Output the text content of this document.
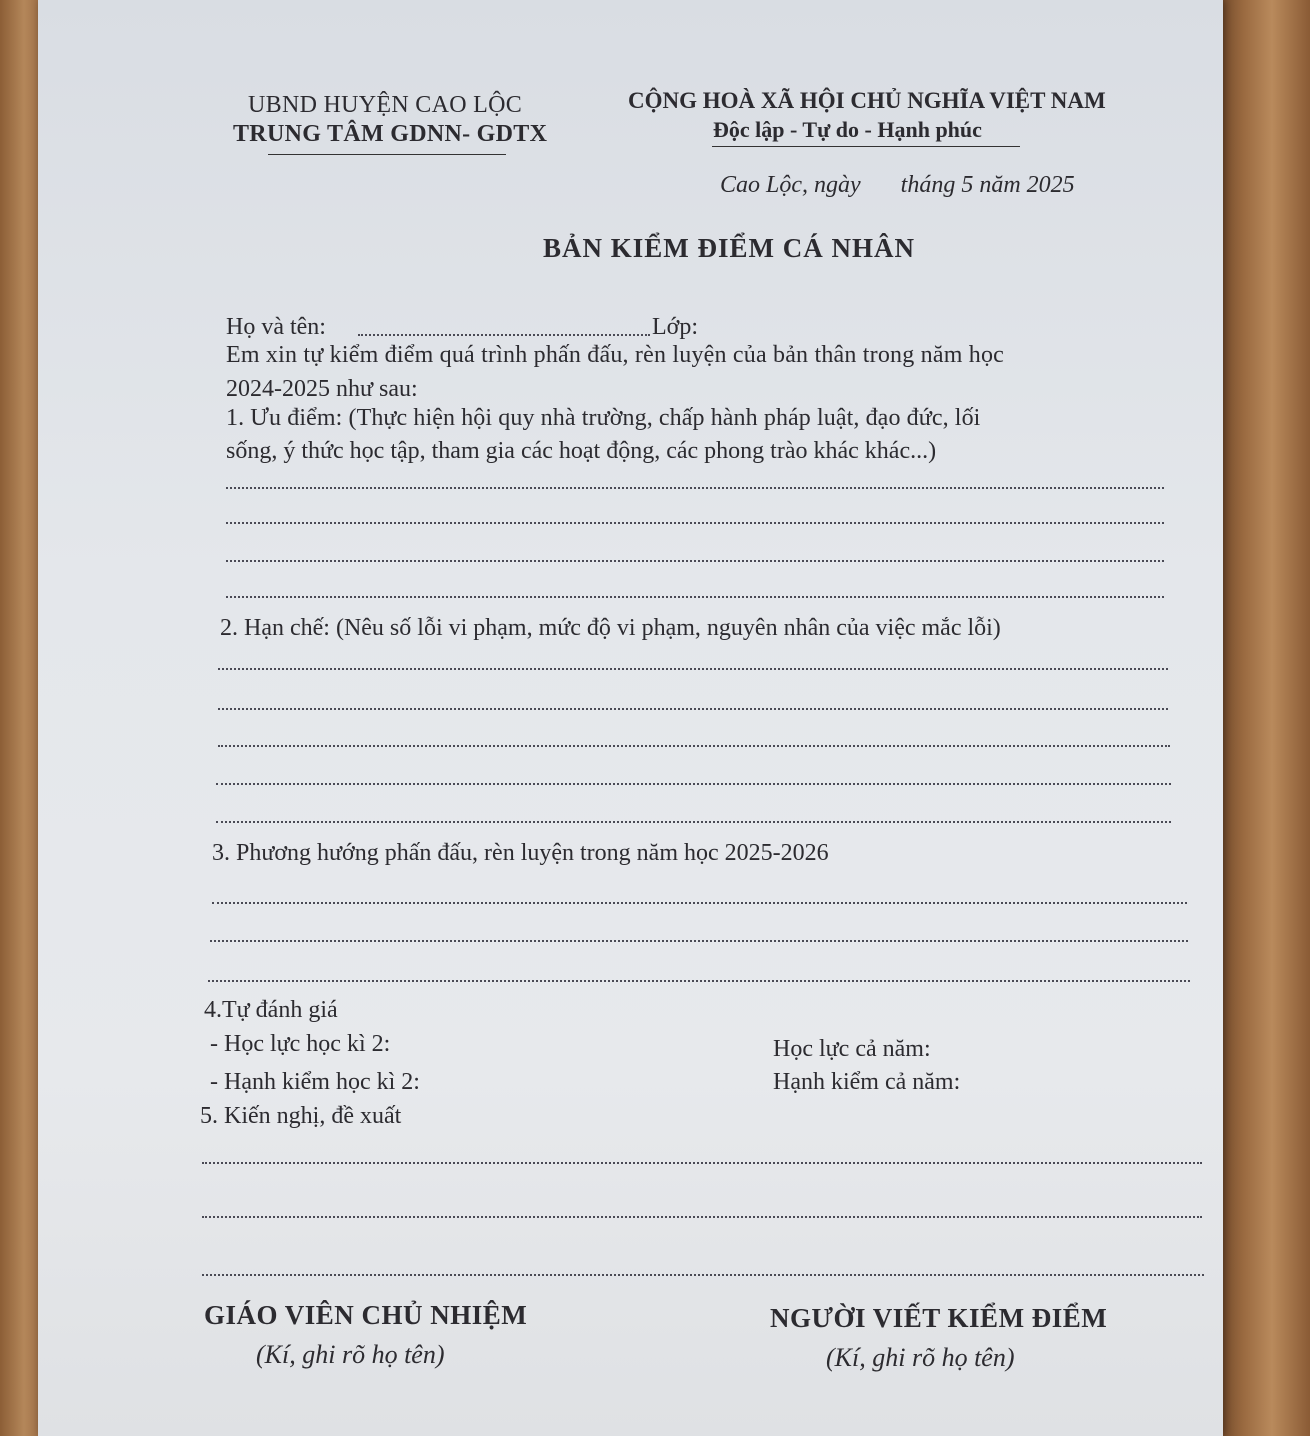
UBND HUYỆN CAO LỘC
TRUNG TÂM GDNN- GDTX
CỘNG HOÀ XÃ HỘI CHỦ NGHĨA VIỆT NAM
Độc lập - Tự do - Hạnh phúc
Cao Lộc, ngày tháng 5 năm 2025
BẢN KIỂM ĐIỂM CÁ NHÂN
Họ và tên:	Lớp:
Em xin tự kiểm điểm quá trình phấn đấu, rèn luyện của bản thân trong năm học
2024-2025 như sau:
1. Ưu điểm: (Thực hiện hội quy nhà trường, chấp hành pháp luật, đạo đức, lối
sống, ý thức học tập, tham gia các hoạt động, các phong trào khác khác...)
2. Hạn chế: (Nêu số lỗi vi phạm, mức độ vi phạm, nguyên nhân của việc mắc lỗi)
3. Phương hướng phấn đấu, rèn luyện trong năm học 2025-2026
4.Tự đánh giá
- Học lực học kì 2:	Học lực cả năm:
- Hạnh kiểm học kì 2:	Hạnh kiểm cả năm:
5. Kiến nghị, đề xuất
GIÁO VIÊN CHỦ NHIỆM
(Kí, ghi rõ họ tên)
NGƯỜI VIẾT KIỂM ĐIỂM
(Kí, ghi rõ họ tên)
